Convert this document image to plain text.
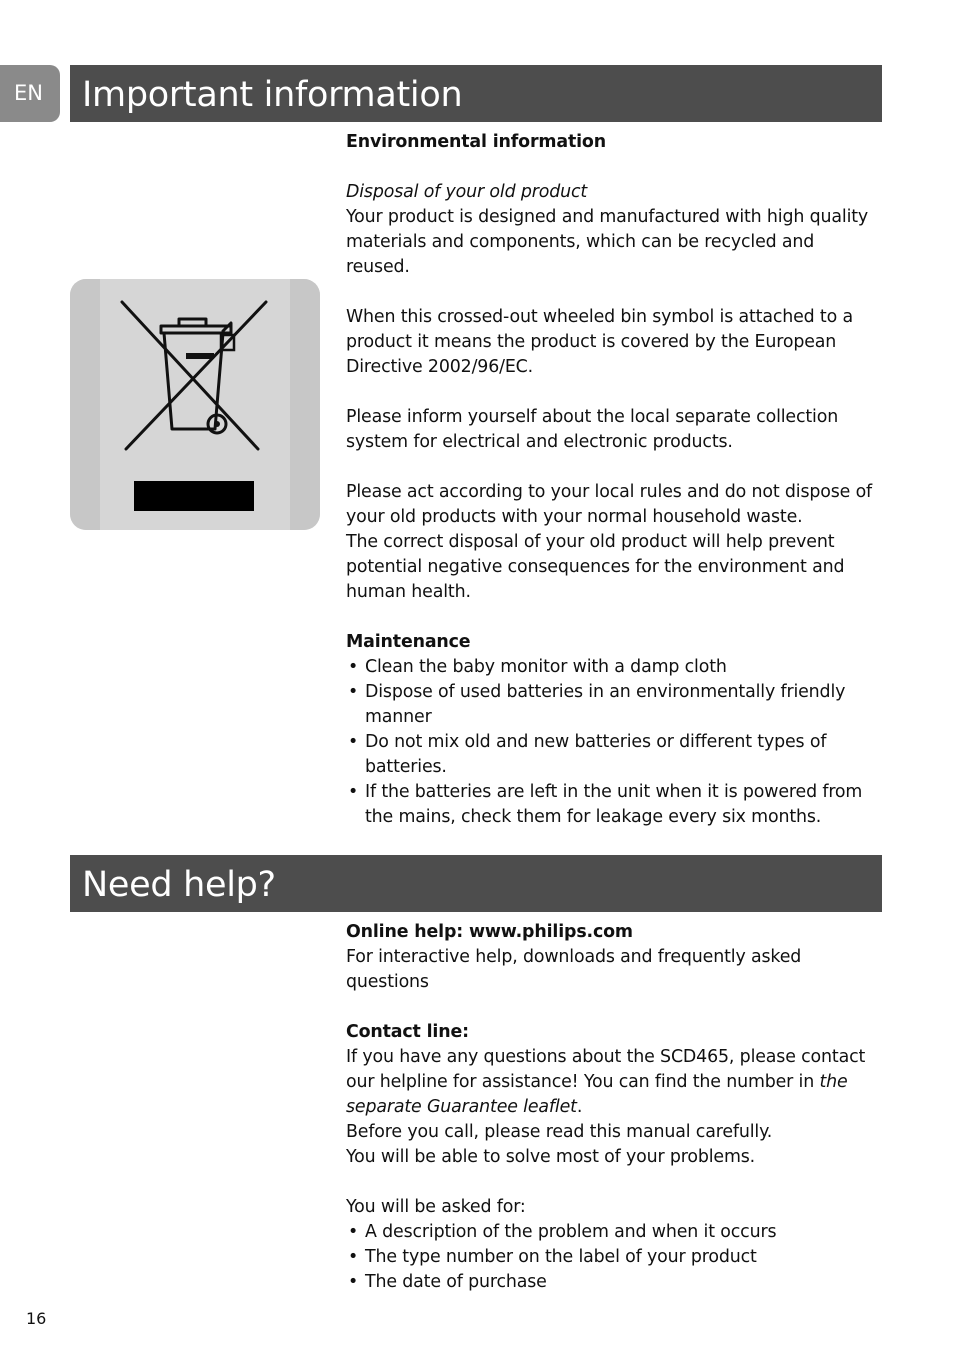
EN	Important information

Environmental information

Disposal of your old product

Your product is designed and manufactured with high quality materials and components, which can be recycled and reused.

When this crossed-out wheeled bin symbol is attached to a product it means the product is covered by the European Directive 2002/96/EC.

Please inform yourself about the local separate collection system for electrical and electronic products.

Please act according to your local rules and do not dispose of your old products with your normal household waste.

The correct disposal of your old product will help prevent potential negative consequences for the environment and human health.

Maintenance

• Clean the baby monitor with a damp cloth
• Dispose of used batteries in an environmentally friendly manner
• Do not mix old and new batteries or different types of batteries.
• If the batteries are left in the unit when it is powered from the mains, check them for leakage every six months.
Need help?

Online help: www.philips.com

For interactive help, downloads and frequently asked questions

Contact line:

If you have any questions about the SCD465, please contact our helpline for assistance! You can find the number in the separate Guarantee leaflet.

Before you call, please read this manual carefully.

You will be able to solve most of your problems.

You will be asked for:

• A description of the problem and when it occurs
• The type number on the label of your product
• The date of purchase
16
